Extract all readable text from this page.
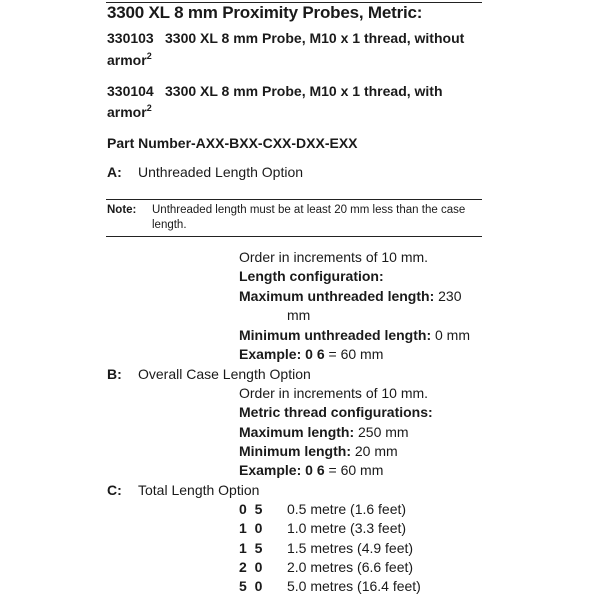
3300 XL 8 mm Proximity Probes, Metric:
330103 3300 XL 8 mm Probe, M10 x 1 thread, without
armor$^2$
330104 3300 XL 8 mm Probe, M10 x 1 thread, with
armor$^2$
Part Number-AXX-BXX-CXX-DXX-EXX
A: Unthreaded Length Option
Note: Unthreaded length must be at least 20 mm less than the case length.
Order in increments of 10 mm.
Length configuration:
Maximum unthreaded length: 230
mm
Minimum unthreaded length: 0 mm
Example: 0 6 = 60 mm
B: Overall Case Length Option
Order in increments of 10 mm.
Metric thread configurations:
Maximum length: 250 mm
Minimum length: 20 mm
Example: 0 6 = 60 mm
C: Total Length Option
0 5 0.5 metre (1.6 feet)
1 0 1.0 metre (3.3 feet)
1 5 1.5 metres (4.9 feet)
2 0 2.0 metres (6.6 feet)
5 0 5.0 metres (16.4 feet)
